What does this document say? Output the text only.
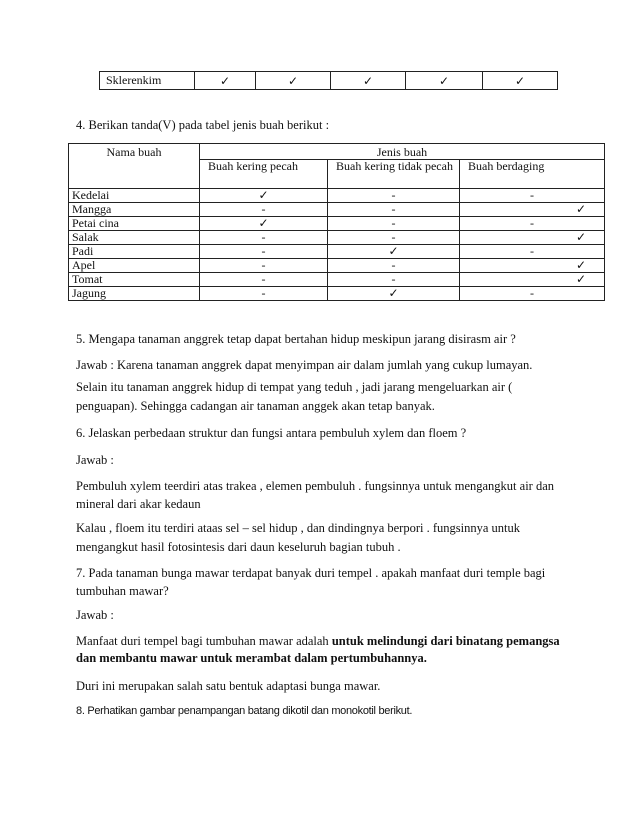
Sklerenkim	✓	✓	✓	✓	✓
4. Berikan tanda(V) pada tabel jenis buah berikut :
Nama buah	Jenis buah		
	Buah kering pecah	Buah kering tidak pecah	Buah berdaging
Kedelai	✓	-	-
Mangga	-	-	✓
Petai cina	✓	-	-
Salak	-	-	✓
Padi	-	✓	-
Apel	-	-	✓
Tomat	-	-	✓
Jagung	-	✓	-
5. Mengapa tanaman anggrek tetap dapat bertahan hidup meskipun jarang disirasm air ?
Jawab : Karena tanaman anggrek dapat menyimpan air dalam jumlah yang cukup lumayan.
Selain itu tanaman anggrek hidup di tempat yang teduh , jadi jarang mengeluarkan air (
penguapan). Sehingga cadangan air tanaman anggek akan tetap banyak.
6. Jelaskan perbedaan struktur dan fungsi antara pembuluh xylem dan floem ?
Jawab :
Pembuluh xylem teerdiri atas trakea , elemen pembuluh . fungsinnya untuk mengangkut air dan
mineral dari akar kedaun
Kalau , floem itu terdiri ataas sel – sel hidup , dan dindingnya berpori . fungsinnya untuk
mengangkut hasil fotosintesis dari daun keseluruh bagian tubuh .
7. Pada tanaman bunga mawar terdapat banyak duri tempel . apakah manfaat duri temple bagi
tumbuhan mawar?
Jawab :
Manfaat duri tempel bagi tumbuhan mawar adalah untuk melindungi dari binatang pemangsa
dan membantu mawar untuk merambat dalam pertumbuhannya.
Duri ini merupakan salah satu bentuk adaptasi bunga mawar.
8. Perhatikan gambar penampangan batang dikotil dan monokotil berikut.
